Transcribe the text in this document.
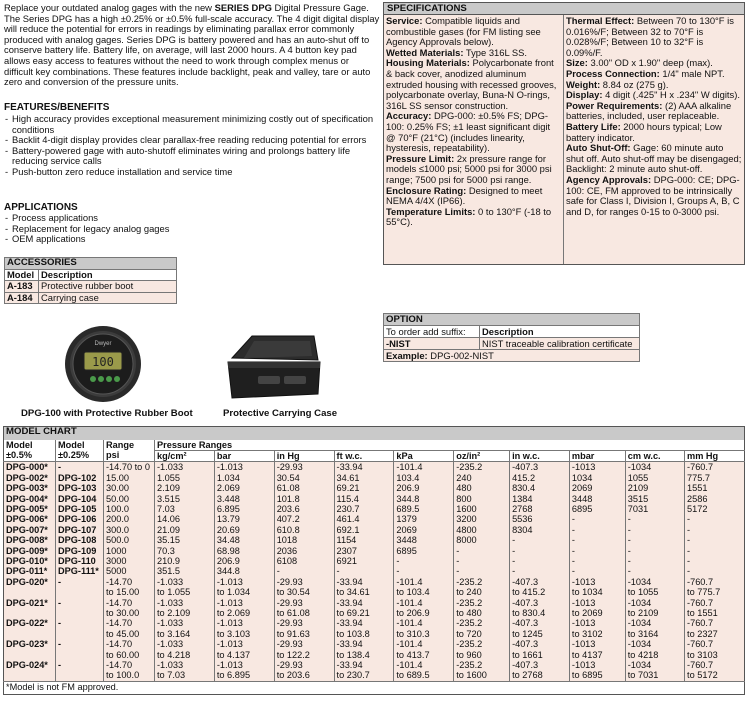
Replace your outdated analog gages with the new SERIES DPG Digital Pressure Gage. The Series DPG has a high ±0.25% or ±0.5% full-scale accuracy. The 4 digit digital display will reduce the potential for errors in readings by eliminating parallax error commonly produced with analog gages. Series DPG is battery powered and has an auto-shut off to conserve battery life. Battery life, on average, will last 2000 hours. A 4 button key pad allows easy access to features without the need to work through complex menus or difficult key combinations. These features include backlight, peak and valley, tare or auto zero and conversion of the pressure units.

FEATURES/BENEFITS
- High accuracy provides exceptional measurement minimizing costly out of specification conditions
- Backlit 4-digit display provides clear parallax-free reading reducing potential for errors
- Battery-powered gage with auto-shutoff eliminates wiring and prolongs battery life reducing service calls
- Push-button zero reduce installation and service time
APPLICATIONS
- Process applications
- Replacement for legacy analog gages
- OEM applications
ACCESSORIES	
Model	Description
A-183	Protective rubber boot
A-184	Carrying case
SPECIFICATIONS

Service: Compatible liquids and combustible gases (for FM listing see Agency Approvals below).

Wetted Materials: Type 316L SS.

Housing Materials: Polycarbonate front & back cover, anodized aluminum extruded housing with recessed grooves, polycarbonate overlay, Buna-N O-rings, 316L SS sensor construction.

Accuracy: DPG-000: ±0.5% FS; DPG-100: 0.25% FS; ±1 least significant digit @ 70°F (21°C) (includes linearity, hysteresis, repeatability).

Pressure Limit: 2x pressure range for models ≤1000 psi; 5000 psi for 3000 psi range; 7500 psi for 5000 psi range.

Enclosure Rating: Designed to meet NEMA 4/4X (IP66).

Temperature Limits: 0 to 130°F (-18 to 55°C).

Thermal Effect: Between 70 to 130°F is 0.016%/F; Between 32 to 70°F is 0.028%/F; Between 10 to 32°F is 0.09%/F.

Size: 3.00" OD x 1.90" deep (max).

Process Connection: 1/4" male NPT.

Weight: 8.84 oz (275 g).

Display: 4 digit (.425" H x .234" W digits).

Power Requirements: (2) AAA alkaline batteries, included, user replaceable.

Battery Life: 2000 hours typical; Low battery indicator.

Auto Shut-Off: Gage: 60 minute auto shut off. Auto shut-off may be disengaged; Backlight: 2 minute auto shut-off.

Agency Approvals: DPG-000: CE; DPG-100: CE, FM approved to be intrinsically safe for Class I, Division I, Groups A, B, C and D, for ranges 0-15 to 0-3000 psi.

OPTION	
To order add suffix:	Description
-NIST	NIST traceable calibration certificate
Example: DPG-002-NIST	
Dwyer
100
DPG-100 with Protective Rubber Boot	Protective Carrying Case
MODEL CHART												
Model	Model	Range	Pressure Ranges									
±0.5%	±0.25%	psi	kg/cm²	bar	in Hg	ft w.c.	kPa	oz/in²	in w.c.	mbar	cm w.c.	mm Hg
DPG-000*	-	-14.70 to 0	-1.033	-1.013	-29.93	-33.94	-101.4	-235.2	-407.3	-1013	-1034	-760.7
DPG-002*	DPG-102	15.00	1.055	1.034	30.54	34.61	103.4	240	415.2	1034	1055	775.7
DPG-003*	DPG-103	30.00	2.109	2.069	61.08	69.21	206.9	480	830.4	2069	2109	1551
DPG-004*	DPG-104	50.00	3.515	3.448	101.8	115.4	344.8	800	1384	3448	3515	2586
DPG-005*	DPG-105	100.0	7.03	6.895	203.6	230.7	689.5	1600	2768	6895	7031	5172
DPG-006*	DPG-106	200.0	14.06	13.79	407.2	461.4	1379	3200	5536	-	-	-
DPG-007*	DPG-107	300.0	21.09	20.69	610.8	692.1	2069	4800	8304	-	-	-
DPG-008*	DPG-108	500.0	35.15	34.48	1018	1154	3448	8000	-	-	-	-
DPG-009*	DPG-109	1000	70.3	68.98	2036	2307	6895	-	-	-	-	-
DPG-010*	DPG-110	3000	210.9	206.9	6108	6921	-	-	-	-	-	-
DPG-011*	DPG-111*	5000	351.5	344.8	-	-	-	-	-	-	-	-
DPG-020*	-	-14.70	-1.033	-1.013	-29.93	-33.94	-101.4	-235.2	-407.3	-1013	-1034	-760.7
		to 15.00	to 1.055	to 1.034	to 30.54	to 34.61	to 103.4	to 240	to 415.2	to 1034	to 1055	to 775.7
DPG-021*	-	-14.70	-1.033	-1.013	-29.93	-33.94	-101.4	-235.2	-407.3	-1013	-1034	-760.7
		to 30.00	to 2.109	to 2.069	to 61.08	to 69.21	to 206.9	to 480	to 830.4	to 2069	to 2109	to 1551
DPG-022*	-	-14.70	-1.033	-1.013	-29.93	-33.94	-101.4	-235.2	-407.3	-1013	-1034	-760.7
		to 45.00	to 3.164	to 3.103	to 91.63	to 103.8	to 310.3	to 720	to 1245	to 3102	to 3164	to 2327
DPG-023*	-	-14.70	-1.033	-1.013	-29.93	-33.94	-101.4	-235.2	-407.3	-1013	-1034	-760.7
		to 60.00	to 4.218	to 4.137	to 122.2	to 138.4	to 413.7	to 960	to 1661	to 4137	to 4218	to 3103
DPG-024*	-	-14.70	-1.033	-1.013	-29.93	-33.94	-101.4	-235.2	-407.3	-1013	-1034	-760.7
		to 100.0	to 7.03	to 6.895	to 203.6	to 230.7	to 689.5	to 1600	to 2768	to 6895	to 7031	to 5172
*Model is not FM approved.												
